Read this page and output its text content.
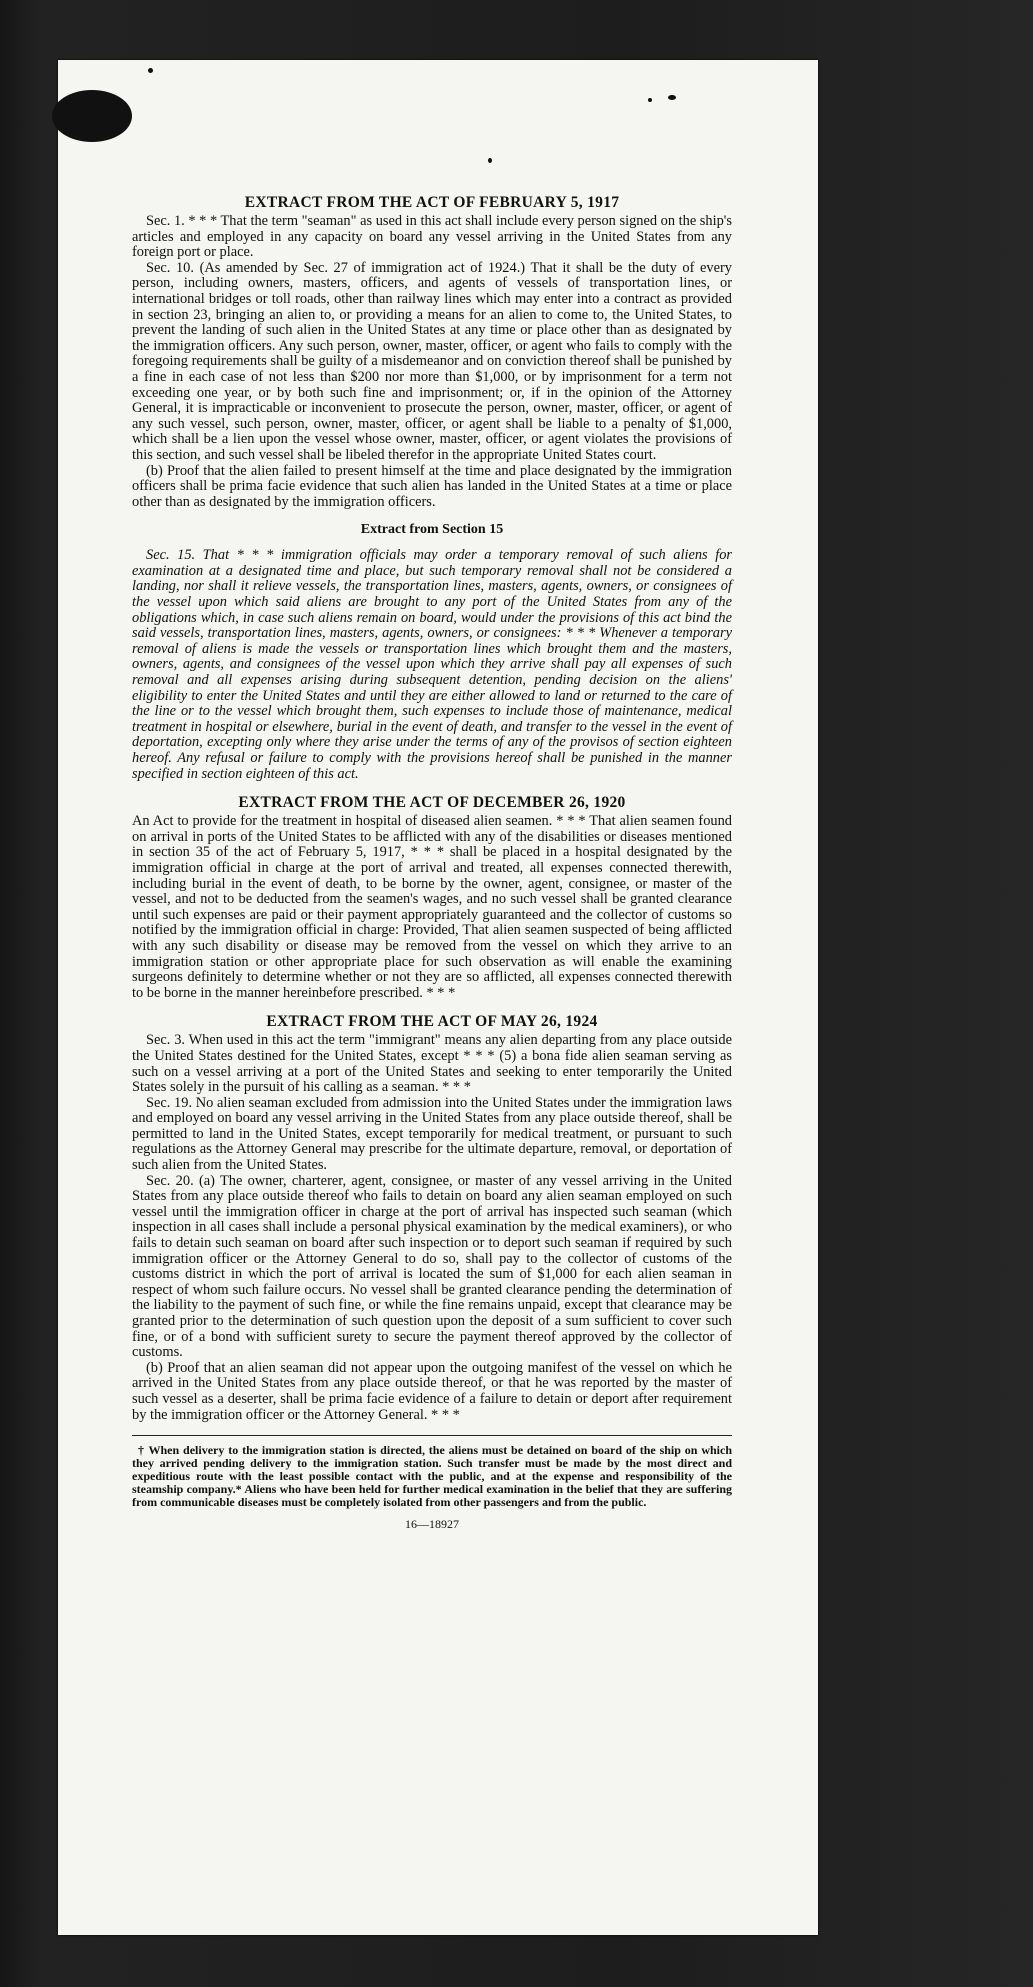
EXTRACT FROM THE ACT OF FEBRUARY 5, 1917

Sec. 1. * * * That the term "seaman" as used in this act shall include every person signed on the ship's articles and employed in any capacity on board any vessel arriving in the United States from any foreign port or place.

Sec. 10. (As amended by Sec. 27 of immigration act of 1924.) That it shall be the duty of every person, including owners, masters, officers, and agents of vessels of transportation lines, or international bridges or toll roads, other than railway lines which may enter into a contract as provided in section 23, bringing an alien to, or providing a means for an alien to come to, the United States, to prevent the landing of such alien in the United States at any time or place other than as designated by the immigration officers. Any such person, owner, master, officer, or agent who fails to comply with the foregoing requirements shall be guilty of a misdemeanor and on conviction thereof shall be punished by a fine in each case of not less than $200 nor more than $1,000, or by imprisonment for a term not exceeding one year, or by both such fine and imprisonment; or, if in the opinion of the Attorney General, it is impracticable or inconvenient to prosecute the person, owner, master, officer, or agent of any such vessel, such person, owner, master, officer, or agent shall be liable to a penalty of $1,000, which shall be a lien upon the vessel whose owner, master, officer, or agent violates the provisions of this section, and such vessel shall be libeled therefor in the appropriate United States court.

(b) Proof that the alien failed to present himself at the time and place designated by the immigration officers shall be prima facie evidence that such alien has landed in the United States at a time or place other than as designated by the immigration officers.

Extract from Section 15

Sec. 15. That * * * immigration officials may order a temporary removal of such aliens for examination at a designated time and place, but such temporary removal shall not be considered a landing, nor shall it relieve vessels, the transportation lines, masters, agents, owners, or consignees of the vessel upon which said aliens are brought to any port of the United States from any of the obligations which, in case such aliens remain on board, would under the provisions of this act bind the said vessels, transportation lines, masters, agents, owners, or consignees: * * * Whenever a temporary removal of aliens is made the vessels or transportation lines which brought them and the masters, owners, agents, and consignees of the vessel upon which they arrive shall pay all expenses of such removal and all expenses arising during subsequent detention, pending decision on the aliens' eligibility to enter the United States and until they are either allowed to land or returned to the care of the line or to the vessel which brought them, such expenses to include those of maintenance, medical treatment in hospital or elsewhere, burial in the event of death, and transfer to the vessel in the event of deportation, excepting only where they arise under the terms of any of the provisos of section eighteen hereof. Any refusal or failure to comply with the provisions hereof shall be punished in the manner specified in section eighteen of this act.

EXTRACT FROM THE ACT OF DECEMBER 26, 1920

An Act to provide for the treatment in hospital of diseased alien seamen. * * * That alien seamen found on arrival in ports of the United States to be afflicted with any of the disabilities or diseases mentioned in section 35 of the act of February 5, 1917, * * * shall be placed in a hospital designated by the immigration official in charge at the port of arrival and treated, all expenses connected therewith, including burial in the event of death, to be borne by the owner, agent, consignee, or master of the vessel, and not to be deducted from the seamen's wages, and no such vessel shall be granted clearance until such expenses are paid or their payment appropriately guaranteed and the collector of customs so notified by the immigration official in charge: Provided, That alien seamen suspected of being afflicted with any such disability or disease may be removed from the vessel on which they arrive to an immigration station or other appropriate place for such observation as will enable the examining surgeons definitely to determine whether or not they are so afflicted, all expenses connected therewith to be borne in the manner hereinbefore prescribed. * * *

EXTRACT FROM THE ACT OF MAY 26, 1924

Sec. 3. When used in this act the term "immigrant" means any alien departing from any place outside the United States destined for the United States, except * * * (5) a bona fide alien seaman serving as such on a vessel arriving at a port of the United States and seeking to enter temporarily the United States solely in the pursuit of his calling as a seaman. * * *

Sec. 19. No alien seaman excluded from admission into the United States under the immigration laws and employed on board any vessel arriving in the United States from any place outside thereof, shall be permitted to land in the United States, except temporarily for medical treatment, or pursuant to such regulations as the Attorney General may prescribe for the ultimate departure, removal, or deportation of such alien from the United States.

Sec. 20. (a) The owner, charterer, agent, consignee, or master of any vessel arriving in the United States from any place outside thereof who fails to detain on board any alien seaman employed on such vessel until the immigration officer in charge at the port of arrival has inspected such seaman (which inspection in all cases shall include a personal physical examination by the medical examiners), or who fails to detain such seaman on board after such inspection or to deport such seaman if required by such immigration officer or the Attorney General to do so, shall pay to the collector of customs of the customs district in which the port of arrival is located the sum of $1,000 for each alien seaman in respect of whom such failure occurs. No vessel shall be granted clearance pending the determination of the liability to the payment of such fine, or while the fine remains unpaid, except that clearance may be granted prior to the determination of such question upon the deposit of a sum sufficient to cover such fine, or of a bond with sufficient surety to secure the payment thereof approved by the collector of customs.

(b) Proof that an alien seaman did not appear upon the outgoing manifest of the vessel on which he arrived in the United States from any place outside thereof, or that he was reported by the master of such vessel as a deserter, shall be prima facie evidence of a failure to detain or deport after requirement by the immigration officer or the Attorney General. * * *

† When delivery to the immigration station is directed, the aliens must be detained on board of the ship on which they arrived pending delivery to the immigration station. Such transfer must be made by the most direct and expeditious route with the least possible contact with the public, and at the expense and responsibility of the steamship company.* Aliens who have been held for further medical examination in the belief that they are suffering from communicable diseases must be completely isolated from other passengers and from the public.

16—18927
